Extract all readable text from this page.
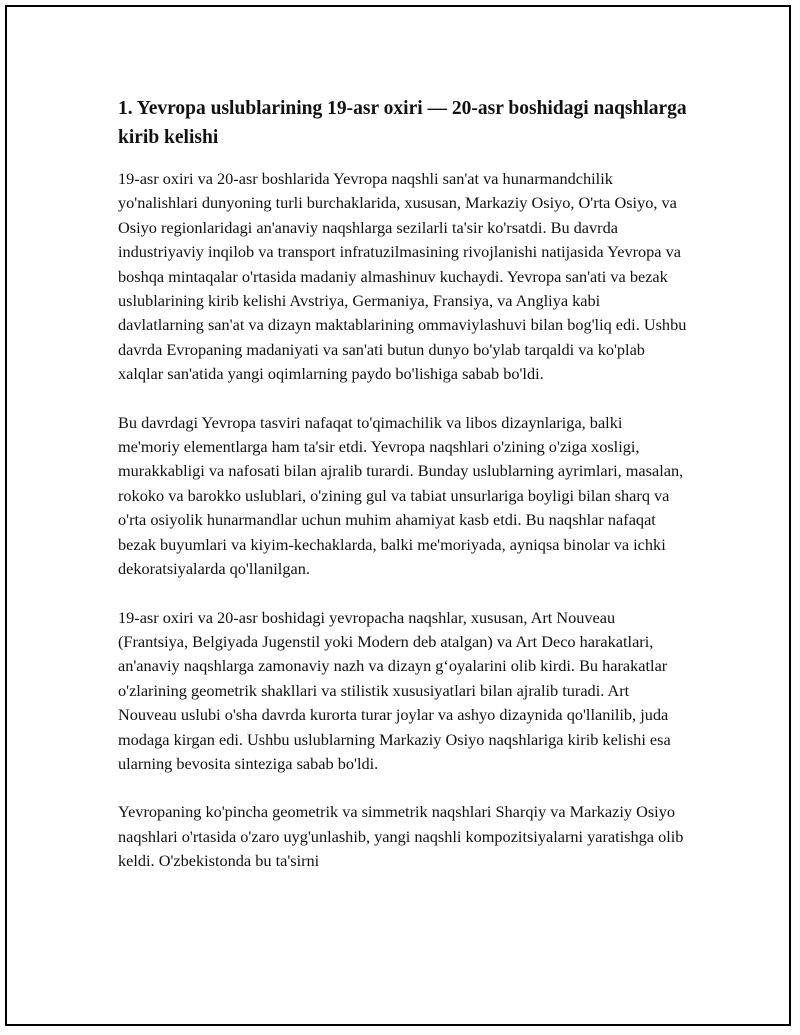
1. Yevropa uslublarining 19-asr oxiri — 20-asr boshidagi naqshlarga kirib kelishi

19-asr oxiri va 20-asr boshlarida Yevropa naqshli san'at va hunarmandchilik yo'nalishlari dunyoning turli burchaklarida, xususan, Markaziy Osiyo, O'rta Osiyo, va Osiyo regionlaridagi an'anaviy naqshlarga sezilarli ta'sir ko'rsatdi. Bu davrda industriyaviy inqilob va transport infratuzilmasining rivojlanishi natijasida Yevropa va boshqa mintaqalar o'rtasida madaniy almashinuv kuchaydi. Yevropa san'ati va bezak uslublarining kirib kelishi Avstriya, Germaniya, Fransiya, va Angliya kabi davlatlarning san'at va dizayn maktablarining ommaviylashuvi bilan bog'liq edi. Ushbu davrda Evropaning madaniyati va san'ati butun dunyo bo'ylab tarqaldi va ko'plab xalqlar san'atida yangi oqimlarning paydo bo'lishiga sabab bo'ldi.

Bu davrdagi Yevropa tasviri nafaqat to'qimachilik va libos dizaynlariga, balki me'moriy elementlarga ham ta'sir etdi. Yevropa naqshlari o'zining o'ziga xosligi, murakkabligi va nafosati bilan ajralib turardi. Bunday uslublarning ayrimlari, masalan, rokoko va barokko uslublari, o'zining gul va tabiat unsurlariga boyligi bilan sharq va o'rta osiyolik hunarmandlar uchun muhim ahamiyat kasb etdi. Bu naqshlar nafaqat bezak buyumlari va kiyim-kechaklarda, balki me'moriyada, ayniqsa binolar va ichki dekoratsiyalarda qo'llanilgan.

19-asr oxiri va 20-asr boshidagi yevropacha naqshlar, xususan, Art Nouveau (Frantsiya, Belgiyada Jugenstil yoki Modern deb atalgan) va Art Deco harakatlari, an'anaviy naqshlarga zamonaviy nazh va dizayn g‘oyalarini olib kirdi. Bu harakatlar o'zlarining geometrik shakllari va stilistik xususiyatlari bilan ajralib turadi. Art Nouveau uslubi o'sha davrda kurorta turar joylar va ashyo dizaynida qo'llanilib, juda modaga kirgan edi. Ushbu uslublarning Markaziy Osiyo naqshlariga kirib kelishi esa ularning bevosita sinteziga sabab bo'ldi.

Yevropaning ko'pincha geometrik va simmetrik naqshlari Sharqiy va Markaziy Osiyo naqshlari o'rtasida o'zaro uyg'unlashib, yangi naqshli kompozitsiyalarni yaratishga olib keldi. O'zbekistonda bu ta'sirni
